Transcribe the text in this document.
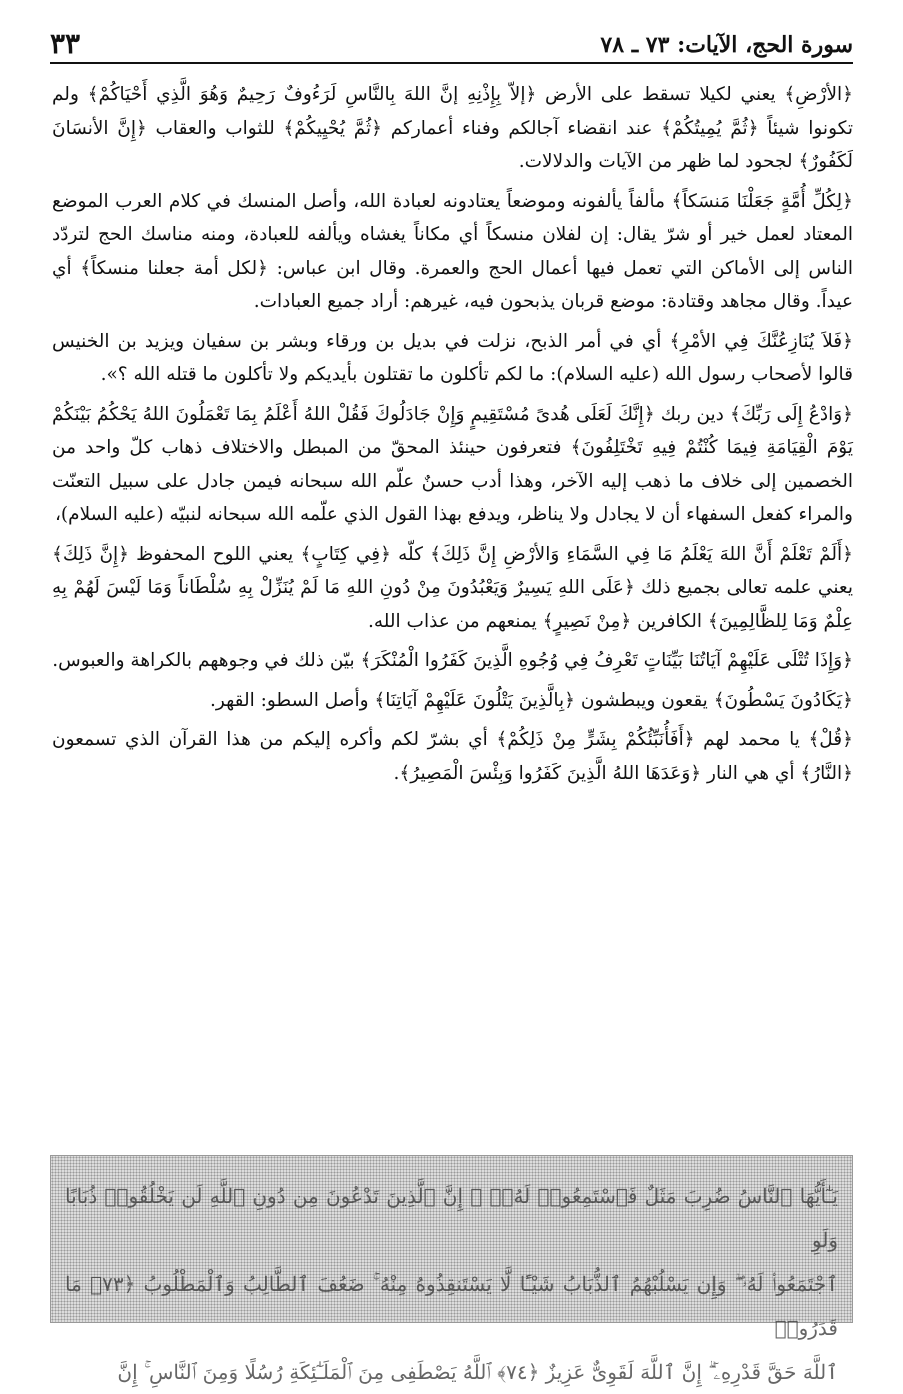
سورة الحج، الآيات: ٧٣ ـ ٧٨
٣٣

﴿الأرْضِ﴾ يعني لكيلا تسقط على الأرض ﴿إلاّ بِإِذْنِهِ إنَّ اللهَ بِالنَّاسِ لَرَءُوفٌ رَحِيمٌ وَهُوَ الَّذِي أَحْيَاكُمْ﴾ ولم تكونوا شيئاً ﴿ثُمَّ يُمِيتُكُمْ﴾ عند انقضاء آجالكم وفناء أعماركم ﴿ثُمَّ يُحْيِيكُمْ﴾ للثواب والعقاب ﴿إِنَّ الأنسَانَ لَكَفُورٌ﴾ لجحود لما ظهر من الآيات والدلالات.

﴿لِكُلِّ أُمَّةٍ جَعَلْنَا مَنسَكاً﴾ مألفاً يألفونه وموضعاً يعتادونه لعبادة الله، وأصل المنسك في كلام العرب الموضع المعتاد لعمل خير أو شرّ يقال: إن لفلان منسكاً أي مكاناً يغشاه ويألفه للعبادة، ومنه مناسك الحج لتردّد الناس إلى الأماكن التي تعمل فيها أعمال الحج والعمرة. وقال ابن عباس: ﴿لكل أمة جعلنا منسكاً﴾ أي عيداً. وقال مجاهد وقتادة: موضع قربان يذبحون فيه، غيرهم: أراد جميع العبادات.

﴿فَلاَ يُنَازِعُنَّكَ فِي الأمْرِ﴾ أي في أمر الذبح، نزلت في بديل بن ورقاء وبشر بن سفيان ويزيد بن الخنيس قالوا لأصحاب رسول الله (عليه السلام): ما لكم تأكلون ما تقتلون بأيديكم ولا تأكلون ما قتله الله ؟».

﴿وَادْعُ إِلَى رَبِّكَ﴾ دين ربك ﴿إِنَّكَ لَعَلَى هُدىً مُسْتَقِيمٍ وَإِنْ جَادَلُوكَ فَقُلْ اللهُ أَعْلَمُ بِمَا تَعْمَلُونَ اللهُ يَحْكُمُ بَيْنَكُمْ يَوْمَ الْقِيَامَةِ فِيمَا كُنْتُمْ فِيهِ تَخْتَلِفُونَ﴾ فتعرفون حينئذ المحقّ من المبطل والاختلاف ذهاب كلّ واحد من الخصمين إلى خلاف ما ذهب إليه الآخر، وهذا أدب حسنٌ علّم الله سبحانه فيمن جادل على سبيل التعنّت والمراء كفعل السفهاء أن لا يجادل ولا يناظر، ويدفع بهذا القول الذي علّمه الله سبحانه لنبيّه (عليه السلام)،

﴿أَلَمْ تَعْلَمْ أَنَّ اللهَ يَعْلَمُ مَا فِي السَّمَاءِ وَالأرْضِ إِنَّ ذَلِكَ﴾ كلّه ﴿فِي كِتَابٍ﴾ يعني اللوح المحفوظ ﴿إِنَّ ذَلِكَ﴾ يعني علمه تعالى بجميع ذلك ﴿عَلَى اللهِ يَسِيرٌ وَيَعْبُدُونَ مِنْ دُونِ اللهِ مَا لَمْ يُنَزِّلْ بِهِ سُلْطَاناً وَمَا لَيْسَ لَهُمْ بِهِ عِلْمٌ وَمَا لِلظَّالِمِينَ﴾ الكافرين ﴿مِنْ نَصِيرٍ﴾ يمنعهم من عذاب الله.

﴿وَإِذَا تُتْلَى عَلَيْهِمْ آيَاتُنَا بَيِّنَاتٍ تَعْرِفُ فِي وُجُوهِ الَّذِينَ كَفَرُوا الْمُنْكَرَ﴾ بيّن ذلك في وجوههم بالكراهة والعبوس.

﴿يَكَادُونَ يَسْطُونَ﴾ يقعون ويبطشون ﴿بِالَّذِينَ يَتْلُونَ عَلَيْهِمْ آيَاتِنَا﴾ وأصل السطو: القهر.

﴿قُلْ﴾ يا محمد لهم ﴿أَفَأُنَبِّئُكُمْ بِشَرٍّ مِنْ ذَلِكُمْ﴾ أي بشرّ لكم وأكره إليكم من هذا القرآن الذي تسمعون ﴿النَّارُ﴾ أي هي النار ﴿وَعَدَهَا اللهُ الَّذِينَ كَفَرُوا وَبِئْسَ الْمَصِيرُ﴾.

يَـٰٓأَيُّهَا ٱلنَّاسُ ضُرِبَ مَثَلٌ فَٱسْتَمِعُوا۟ لَهُۥٓ ۚ إِنَّ ٱلَّذِينَ تَدْعُونَ مِن دُونِ ٱللَّهِ لَن يَخْلُقُوا۟ ذُبَابًا وَلَوِ
ٱجْتَمَعُوا۟ لَهُۥ ۖ وَإِن يَسْلُبْهُمُ ٱلذُّبَابُ شَيْـًٔا لَّا يَسْتَنقِذُوهُ مِنْهُ ۚ ضَعُفَ ٱلطَّالِبُ وَٱلْمَطْلُوبُ ﴿٧٣﴾ مَا قَدَرُوا۟
ٱللَّهَ حَقَّ قَدْرِهِۦٓ ۗ إِنَّ ٱللَّهَ لَقَوِىٌّ عَزِيزٌ ﴿٧٤﴾ ٱللَّهُ يَصْطَفِى مِنَ ٱلْمَلَـٰٓئِكَةِ رُسُلًا وَمِنَ ٱلنَّاسِ ۚ إِنَّ
